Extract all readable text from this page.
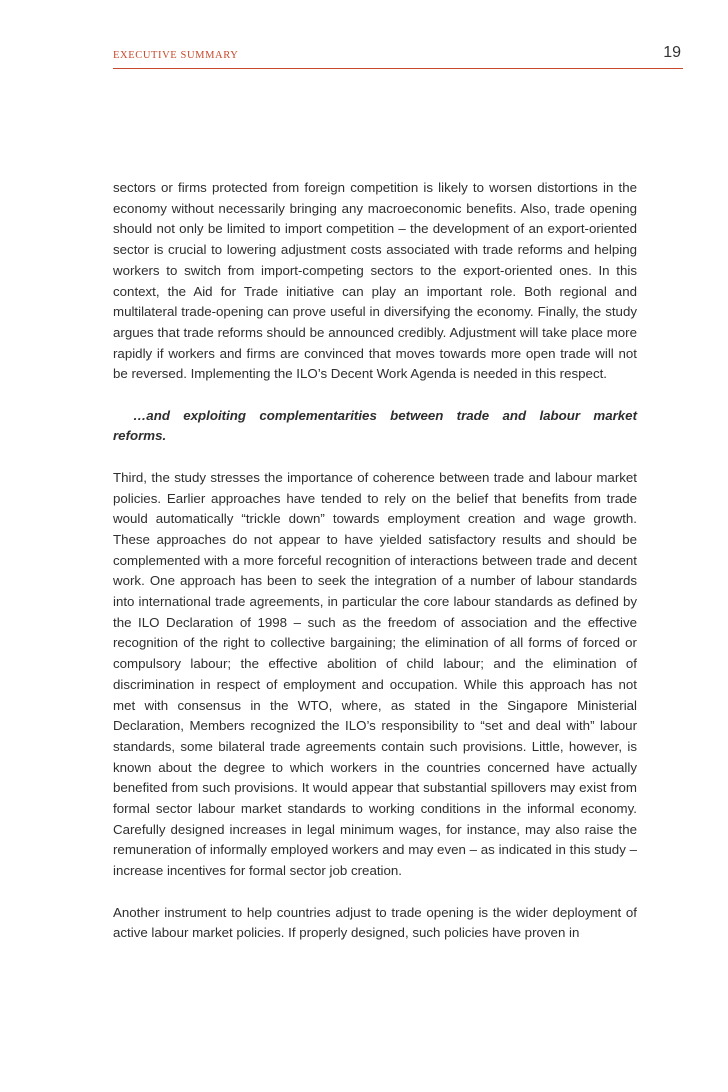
EXECUTIVE SUMMARY	19

sectors or firms protected from foreign competition is likely to worsen distortions in the economy without necessarily bringing any macroeconomic benefits. Also, trade opening should not only be limited to import competition – the development of an export-oriented sector is crucial to lowering adjustment costs associated with trade reforms and helping workers to switch from import-competing sectors to the export-oriented ones. In this context, the Aid for Trade initiative can play an important role. Both regional and multilateral trade-opening can prove useful in diversifying the economy. Finally, the study argues that trade reforms should be announced credibly. Adjustment will take place more rapidly if workers and firms are convinced that moves towards more open trade will not be reversed. Implementing the ILO’s Decent Work Agenda is needed in this respect.

…and exploiting complementarities between trade and labour market reforms.

Third, the study stresses the importance of coherence between trade and labour market policies. Earlier approaches have tended to rely on the belief that benefits from trade would automatically “trickle down” towards employment creation and wage growth. These approaches do not appear to have yielded satisfactory results and should be complemented with a more forceful recognition of interactions between trade and decent work. One approach has been to seek the integration of a number of labour standards into international trade agreements, in particular the core labour standards as defined by the ILO Declaration of 1998 – such as the freedom of association and the effective recognition of the right to collective bargaining; the elimination of all forms of forced or compulsory labour; the effective abolition of child labour; and the elimination of discrimination in respect of employment and occupation. While this approach has not met with consensus in the WTO, where, as stated in the Singapore Ministerial Declaration, Members recognized the ILO’s responsibility to “set and deal with” labour standards, some bilateral trade agreements contain such provisions. Little, however, is known about the degree to which workers in the countries concerned have actually benefited from such provisions. It would appear that substantial spillovers may exist from formal sector labour market standards to working conditions in the informal economy. Carefully designed increases in legal minimum wages, for instance, may also raise the remuneration of informally employed workers and may even – as indicated in this study – increase incentives for formal sector job creation.

Another instrument to help countries adjust to trade opening is the wider deployment of active labour market policies. If properly designed, such policies have proven in
